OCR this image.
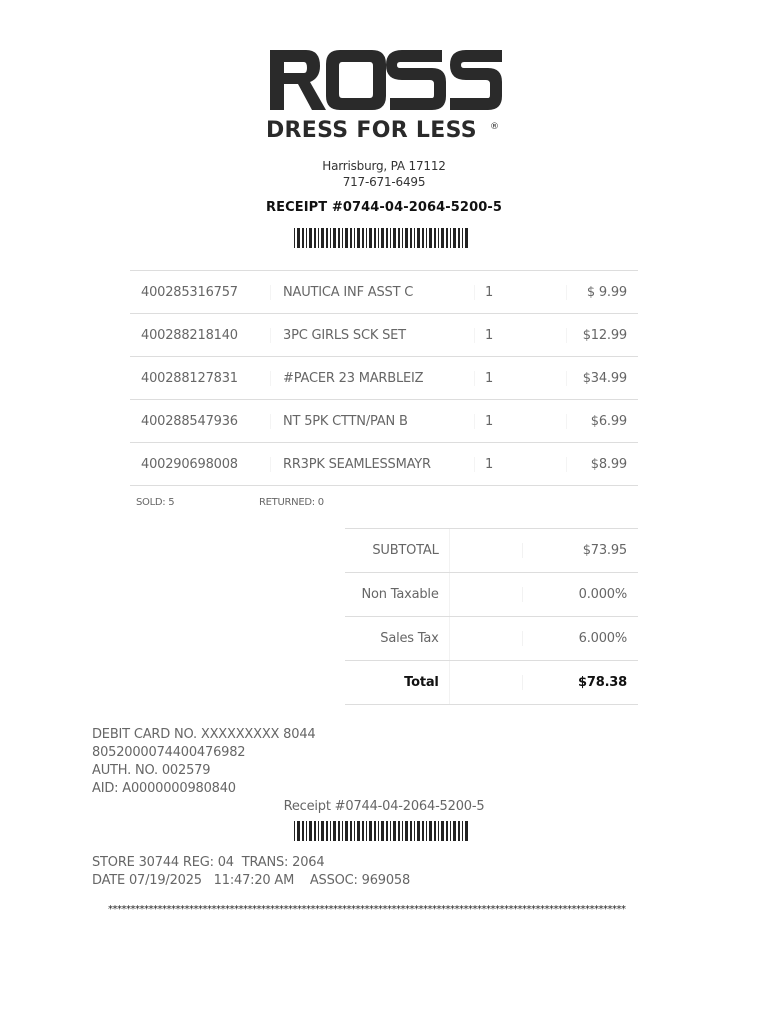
DRESS FOR LESS	®
Harrisburg, PA 17112
717-671-6495
RECEIPT #0744-04-2064-5200-5
400285316757	NAUTICA INF ASST C	1	$ 9.99
400288218140	3PC GIRLS SCK SET	1	$12.99
400288127831	#PACER 23 MARBLEIZ	1	$34.99
400288547936	NT 5PK CTTN/PAN B	1	$6.99
400290698008	RR3PK SEAMLESSMAYR	1	$8.99
SOLD: 5	RETURNED: 0
SUBTOTAL	$73.95
Non Taxable	0.000%
Sales Tax	6.000%
Total	$78.38
DEBIT CARD NO. XXXXXXXXX 8044
8052000074400476982
AUTH. NO. 002579
AID: A0000000980840
Receipt #0744-04-2064-5200-5
STORE 30744 REG: 04  TRANS: 2064
DATE 07/19/2025   11:47:20 AM    ASSOC: 969058
*******************************************************************************************************************
